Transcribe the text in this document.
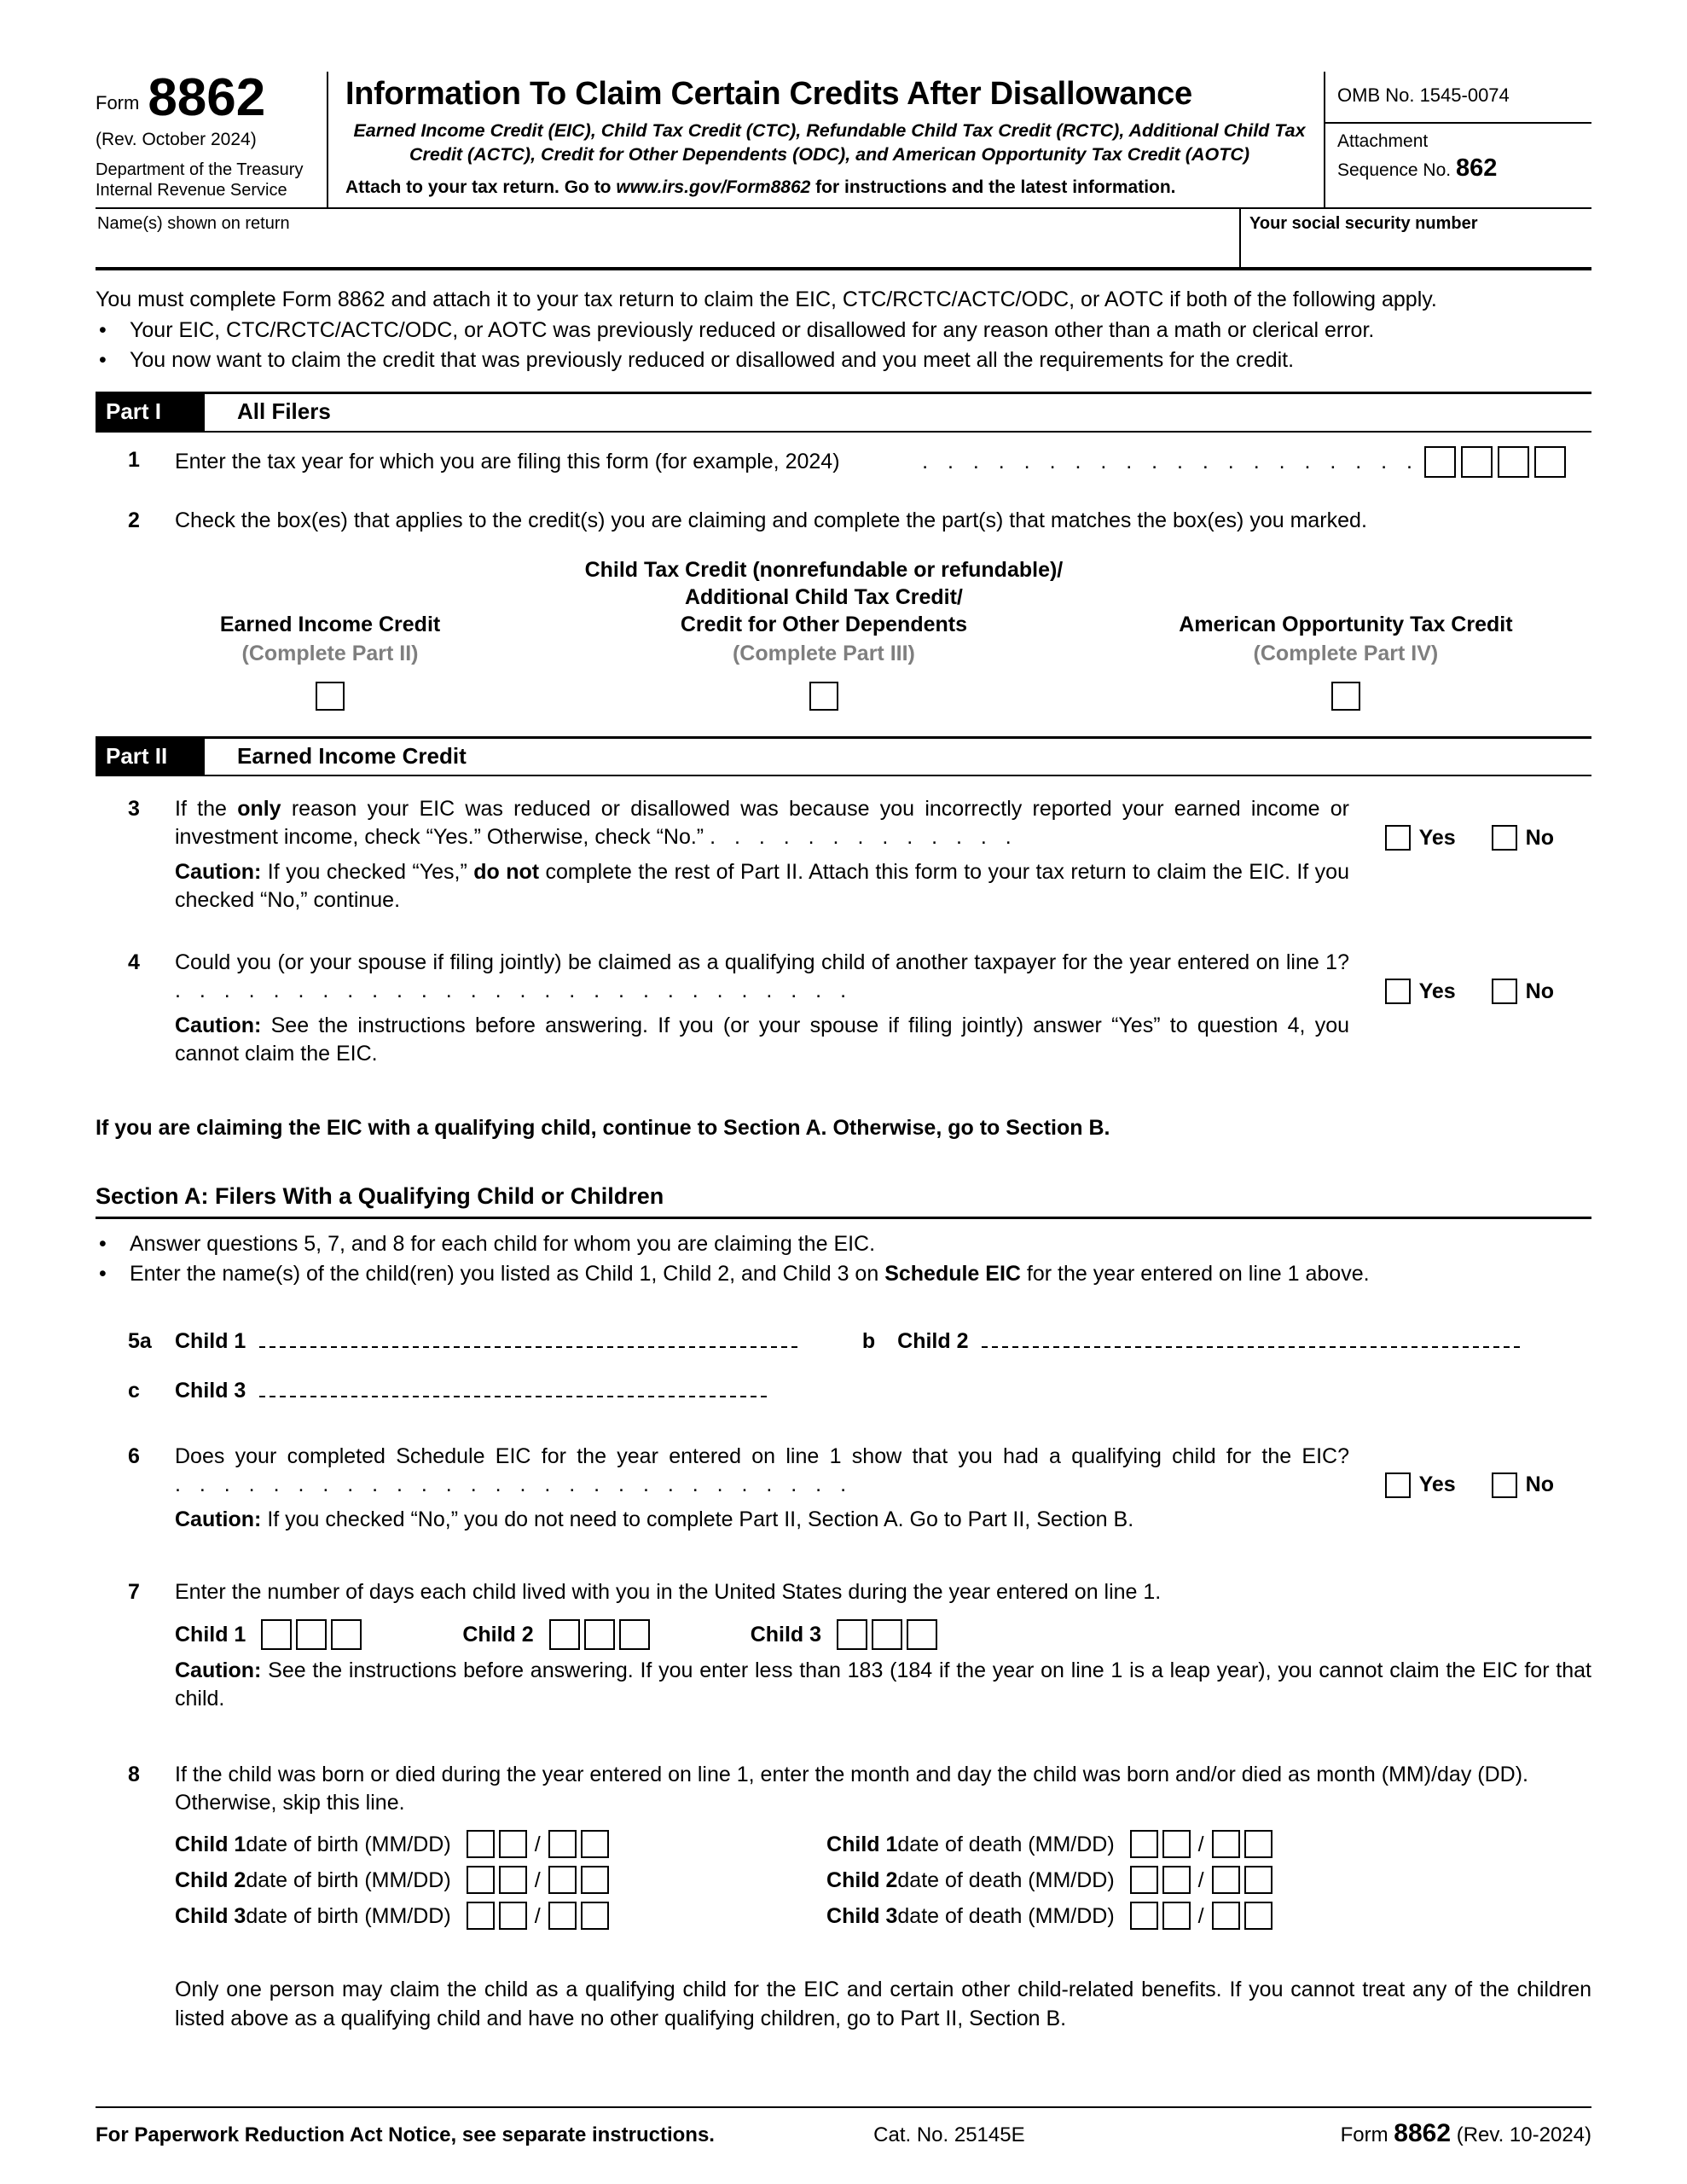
Form 8862
(Rev. October 2024)
Department of the Treasury
Internal Revenue Service
Information To Claim Certain Credits After Disallowance

Earned Income Credit (EIC), Child Tax Credit (CTC), Refundable Child Tax Credit (RCTC), Additional Child Tax Credit (ACTC), Credit for Other Dependents (ODC), and American Opportunity Tax Credit (AOTC)

Attach to your tax return. Go to www.irs.gov/Form8862 for instructions and the latest information.

OMB No. 1545-0074
Attachment
Sequence No. 862
Name(s) shown on return	Your social security number

You must complete Form 8862 and attach it to your tax return to claim the EIC, CTC/RCTC/ACTC/ODC, or AOTC if both of the following apply.

•	Your EIC, CTC/RCTC/ACTC/ODC, or AOTC was previously reduced or disallowed for any reason other than a math or clerical error.
•	You now want to claim the credit that was previously reduced or disallowed and you meet all the requirements for the credit.
Part I	All Filers
1	Enter the tax year for which you are filing this form (for example, 2024)	. . . . . . . . . . . . . . . . . . . .
2	Check the box(es) that applies to the credit(s) you are claiming and complete the part(s) that matches the box(es) you marked.

Earned Income Credit
(Complete Part II)
Child Tax Credit (nonrefundable or refundable)/
Additional Child Tax Credit/
Credit for Other Dependents
(Complete Part III)
American Opportunity Tax Credit
(Complete Part IV)
Part II	Earned Income Credit
3	If the only reason your EIC was reduced or disallowed was because you incorrectly reported your earned income or investment income, check “Yes.” Otherwise, check “No.” . . . . . . . . . . . . .	Yes	No

Caution: If you checked “Yes,” do not complete the rest of Part II. Attach this form to your tax return to claim the EIC. If you checked “No,” continue.

4	Could you (or your spouse if filing jointly) be claimed as a qualifying child of another taxpayer for the year entered on line 1? . . . . . . . . . . . . . . . . . . . . . . . . . . . .	Yes	No

Caution: See the instructions before answering. If you (or your spouse if filing jointly) answer “Yes” to question 4, you cannot claim the EIC.

If you are claiming the EIC with a qualifying child, continue to Section A. Otherwise, go to Section B.

Section A: Filers With a Qualifying Child or Children
•	Answer questions 5, 7, and 8 for each child for whom you are claiming the EIC.
•	Enter the name(s) of the child(ren) you listed as Child 1, Child 2, and Child 3 on Schedule EIC for the year entered on line 1 above.
5a	Child 1	b Child 2
c	Child 3
6	Does your completed Schedule EIC for the year entered on line 1 show that you had a qualifying child for the EIC? . . . . . . . . . . . . . . . . . . . . . . . . . . . .	Yes	No

Caution: If you checked “No,” you do not need to complete Part II, Section A. Go to Part II, Section B.

7	Enter the number of days each child lived with you in the United States during the year entered on line 1.

Child 1	Child 2	Child 3

Caution: See the instructions before answering. If you enter less than 183 (184 if the year on line 1 is a leap year), you cannot claim the EIC for that child.

8	If the child was born or died during the year entered on line 1, enter the month and day the child was born and/or died as month (MM)/day (DD). Otherwise, skip this line.

Child 1 date of birth (MM/DD)	/	Child 1 date of death (MM/DD)	/
Child 2 date of birth (MM/DD)	/	Child 2 date of death (MM/DD)	/
Child 3 date of birth (MM/DD)	/	Child 3 date of death (MM/DD)	/

Only one person may claim the child as a qualifying child for the EIC and certain other child-related benefits. If you cannot treat any of the children listed above as a qualifying child and have no other qualifying children, go to Part II, Section B.

For Paperwork Reduction Act Notice, see separate instructions.	Cat. No. 25145E	Form 8862 (Rev. 10-2024)
